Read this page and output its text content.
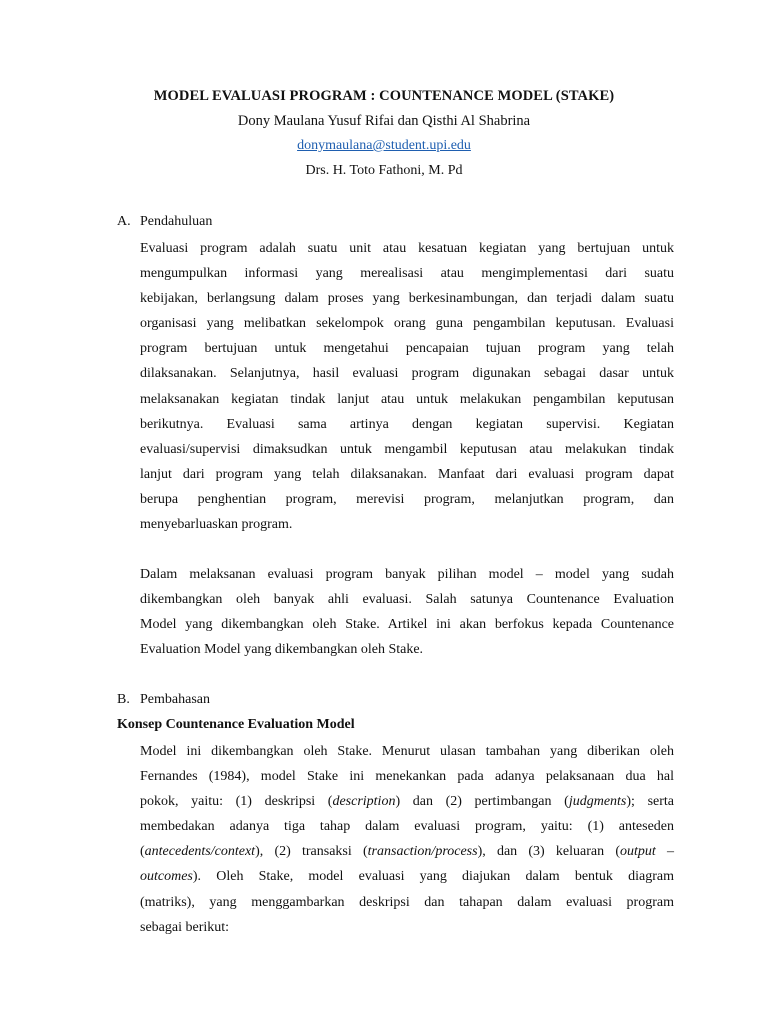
MODEL EVALUASI PROGRAM : COUNTENANCE MODEL (STAKE)
Dony Maulana Yusuf Rifai dan Qisthi Al Shabrina
donymaulana@student.upi.edu
Drs. H. Toto Fathoni, M. Pd
A. Pendahuluan
Evaluasi program adalah suatu unit atau kesatuan kegiatan yang bertujuan untuk
mengumpulkan informasi yang merealisasi atau mengimplementasi dari suatu
kebijakan, berlangsung dalam proses yang berkesinambungan, dan terjadi dalam suatu
organisasi yang melibatkan sekelompok orang guna pengambilan keputusan. Evaluasi
program bertujuan untuk mengetahui pencapaian tujuan program yang telah
dilaksanakan. Selanjutnya, hasil evaluasi program digunakan sebagai dasar untuk
melaksanakan kegiatan tindak lanjut atau untuk melakukan pengambilan keputusan
berikutnya. Evaluasi sama artinya dengan kegiatan supervisi. Kegiatan
evaluasi/supervisi dimaksudkan untuk mengambil keputusan atau melakukan tindak
lanjut dari program yang telah dilaksanakan. Manfaat dari evaluasi program dapat
berupa penghentian program, merevisi program, melanjutkan program, dan
menyebarluaskan program.
Dalam melaksanan evaluasi program banyak pilihan model – model yang sudah
dikembangkan oleh banyak ahli evaluasi. Salah satunya Countenance Evaluation
Model yang dikembangkan oleh Stake. Artikel ini akan berfokus kepada Countenance
Evaluation Model yang dikembangkan oleh Stake.
B. Pembahasan
Konsep Countenance Evaluation Model
Model ini dikembangkan oleh Stake. Menurut ulasan tambahan yang diberikan oleh
Fernandes (1984), model Stake ini menekankan pada adanya pelaksanaan dua hal
pokok, yaitu: (1) deskripsi (description) dan (2) pertimbangan (judgments); serta
membedakan adanya tiga tahap dalam evaluasi program, yaitu: (1) anteseden
(antecedents/context), (2) transaksi (transaction/process), dan (3) keluaran (output –
outcomes). Oleh Stake, model evaluasi yang diajukan dalam bentuk diagram
(matriks), yang menggambarkan deskripsi dan tahapan dalam evaluasi program
sebagai berikut:
